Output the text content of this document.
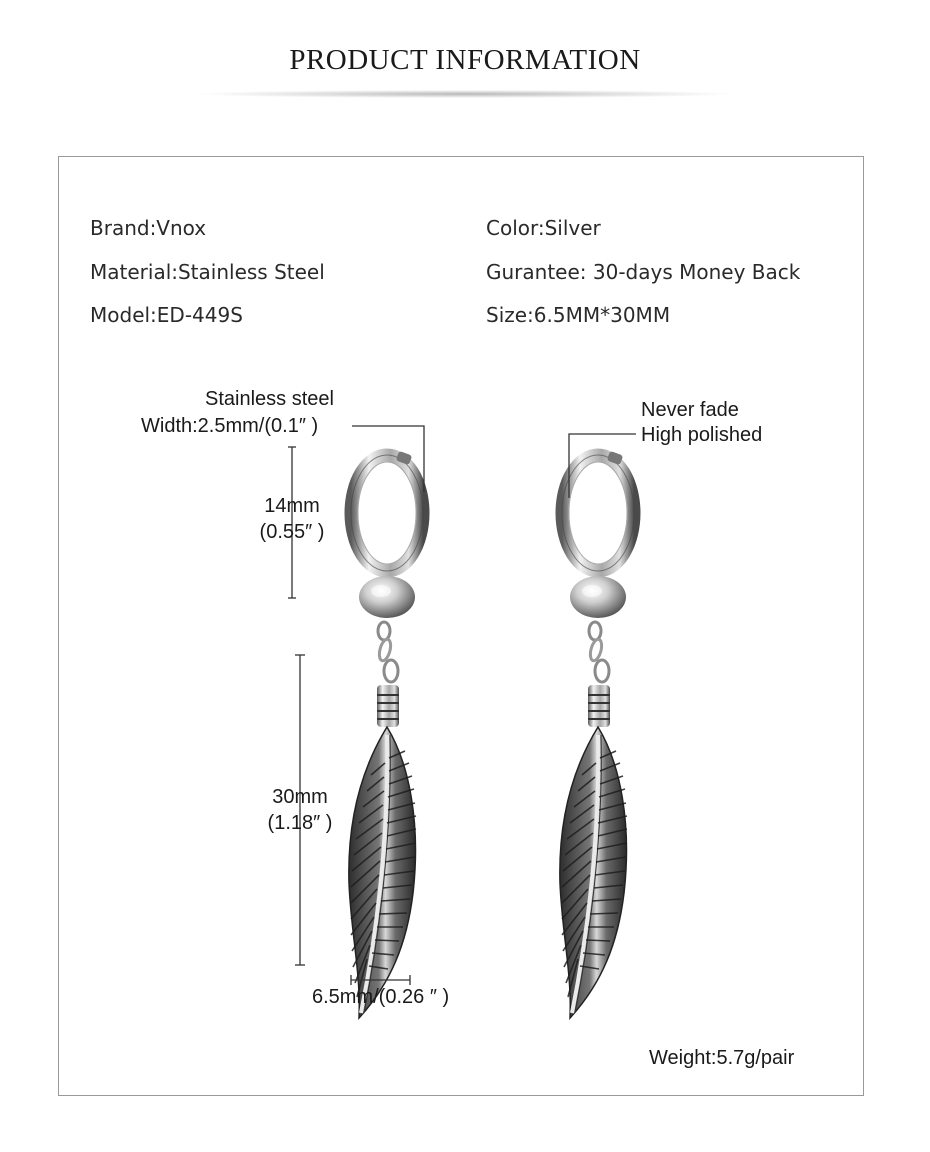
PRODUCT INFORMATION
Brand:Vnox
Material:Stainless Steel
Model:ED-449S
Color:Silver
Gurantee: 30-days Money Back
Size:6.5MM*30MM
Stainless steel
Width:2.5mm/(0.1″ )
14mm
(0.55″ )
30mm
(1.18″ )
6.5mm/(0.26 ″ )
Never fade
High polished
Weight:5.7g/pair
